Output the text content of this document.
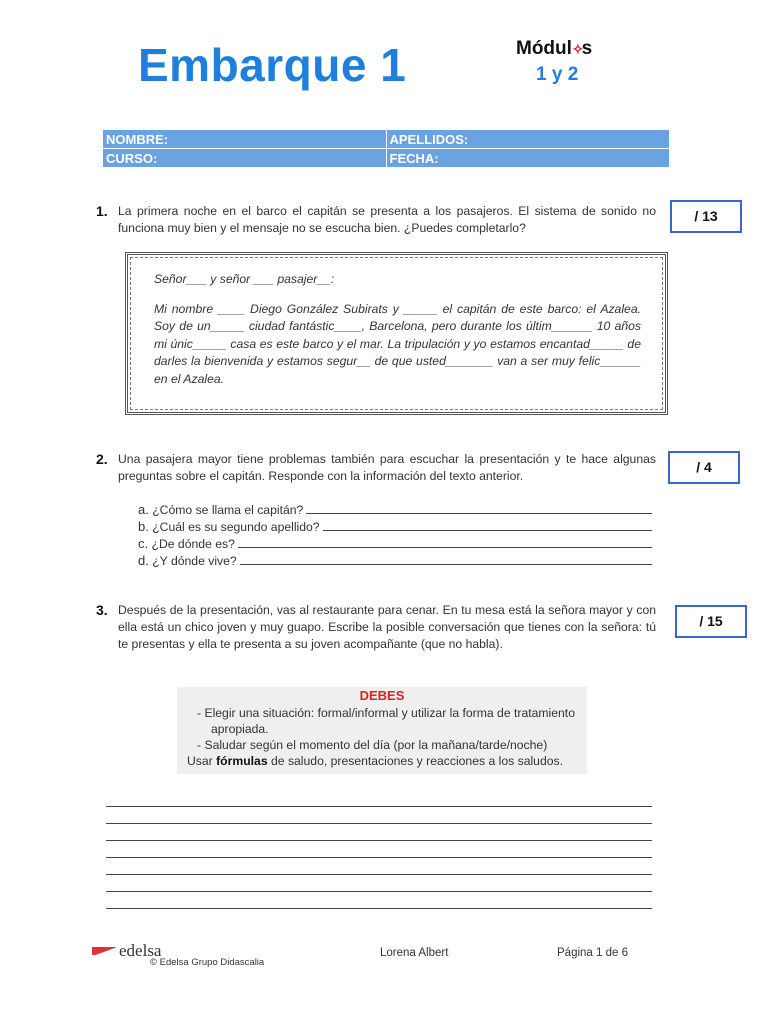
Embarque 1	Módul✧s
1 y 2
NOMBRE:	APELLIDOS:
CURSO:	FECHA:
1. La primera noche en el barco el capitán se presenta a los pasajeros. El sistema de sonido no funciona muy bien y el mensaje no se escucha bien. ¿Puedes completarlo?
/ 13
Señor___ y señor ___ pasajer__:
Mi nombre ____ Diego González Subirats y _____ el capitán de este barco: el Azalea. Soy de un_____ ciudad fantástic____, Barcelona, pero durante los últim______ 10 años mi únic_____ casa es este barco y el mar. La tripulación y yo estamos encantad_____ de darles la bienvenida y estamos segur__ de que usted_______ van a ser muy felic______ en el Azalea.
2. Una pasajera mayor tiene problemas también para escuchar la presentación y te hace algunas preguntas sobre el capitán. Responde con la información del texto anterior.
/ 4
a.
¿Cómo se llama el capitán?
b.
¿Cuál es su segundo apellido?
c.
¿De dónde es?
d.
¿Y dónde vive?
3. Después de la presentación, vas al restaurante para cenar. En tu mesa está la señora mayor y con ella está un chico joven y muy guapo. Escribe la posible conversación que tienes con la señora: tú te presentas y ella te presenta a su joven acompañante (que no habla).
/ 15
DEBES
- Elegir una situación: formal/informal y utilizar la forma de tratamiento apropiada.
- Saludar según el momento del día (por la mañana/tarde/noche)
Usar fórmulas de saludo, presentaciones y reacciones a los saludos.
edelsa
© Edelsa Grupo Didascalia
Lorena Albert	Página 1 de 6
